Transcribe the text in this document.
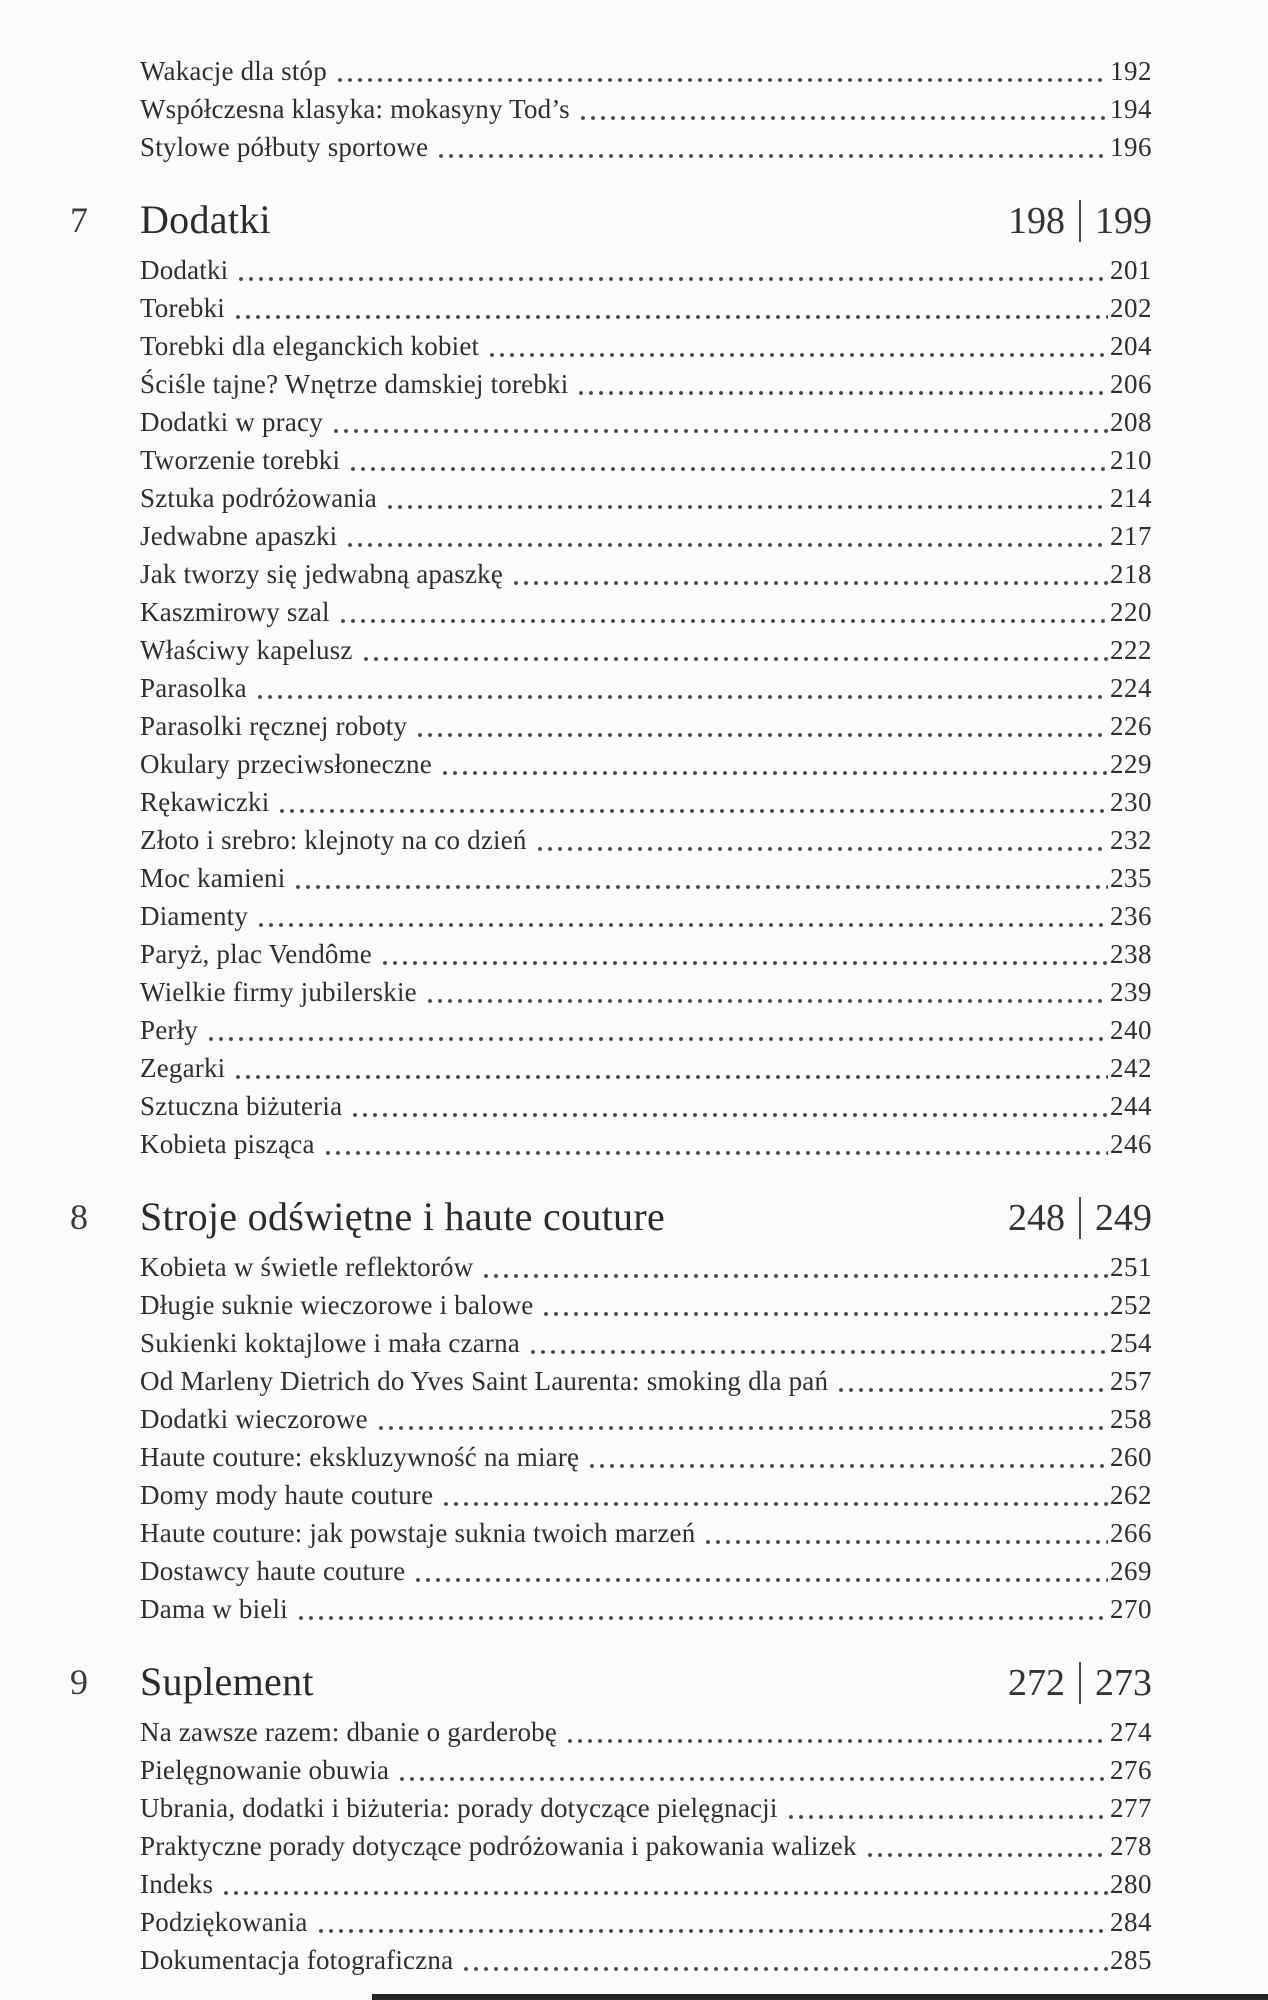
Wakacje dla stóp	192
Współczesna klasyka: mokasyny Tod’s	194
Stylowe półbuty sportowe	196
7 Dodatki	198 199
Dodatki	201
Torebki	202
Torebki dla eleganckich kobiet	204
Ściśle tajne? Wnętrze damskiej torebki	206
Dodatki w pracy	208
Tworzenie torebki	210
Sztuka podróżowania	214
Jedwabne apaszki	217
Jak tworzy się jedwabną apaszkę	218
Kaszmirowy szal	220
Właściwy kapelusz	222
Parasolka	224
Parasolki ręcznej roboty	226
Okulary przeciwsłoneczne	229
Rękawiczki	230
Złoto i srebro: klejnoty na co dzień	232
Moc kamieni	235
Diamenty	236
Paryż, plac Vendôme	238
Wielkie firmy jubilerskie	239
Perły	240
Zegarki	242
Sztuczna biżuteria	244
Kobieta pisząca	246
8 Stroje odświętne i haute couture	248 249
Kobieta w świetle reflektorów	251
Długie suknie wieczorowe i balowe	252
Sukienki koktajlowe i mała czarna	254
Od Marleny Dietrich do Yves Saint Laurenta: smoking dla pań	257
Dodatki wieczorowe	258
Haute couture: ekskluzywność na miarę	260
Domy mody haute couture	262
Haute couture: jak powstaje suknia twoich marzeń	266
Dostawcy haute couture	269
Dama w bieli	270
9 Suplement	272 273
Na zawsze razem: dbanie o garderobę	274
Pielęgnowanie obuwia	276
Ubrania, dodatki i biżuteria: porady dotyczące pielęgnacji	277
Praktyczne porady dotyczące podróżowania i pakowania walizek	278
Indeks	280
Podziękowania	284
Dokumentacja fotograficzna	285
